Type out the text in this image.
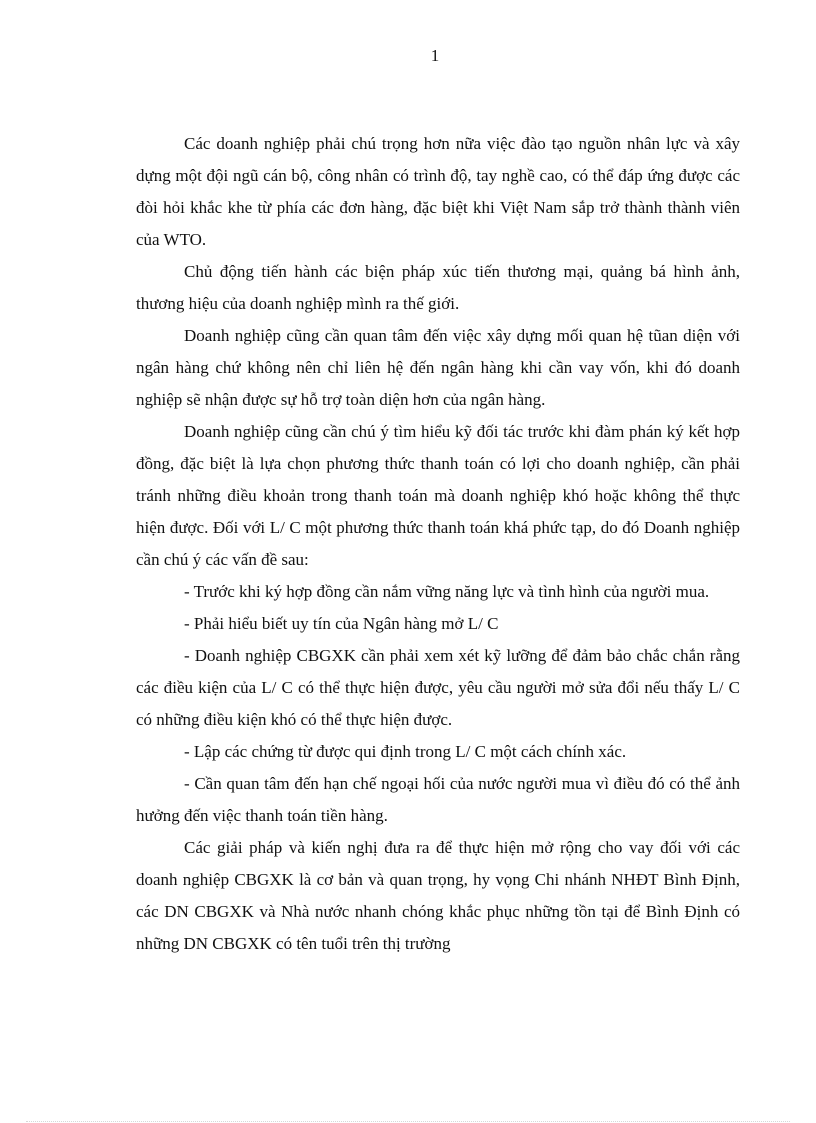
1

Các doanh nghiệp phải chú trọng hơn nữa việc đào tạo nguồn nhân lực và xây dựng một đội ngũ cán bộ, công nhân có trình độ, tay nghề cao, có thể đáp ứng được các đòi hỏi khắc khe từ phía các đơn hàng, đặc biệt khi Việt Nam sắp trở thành thành viên của WTO.

Chủ động tiến hành các biện pháp xúc tiến thương mại, quảng bá hình ảnh, thương hiệu của doanh nghiệp mình ra thế giới.

Doanh nghiệp cũng cần quan tâm đến việc xây dựng mối quan hệ tũan diện với ngân hàng chứ không nên chỉ liên hệ đến ngân hàng khi cần vay vốn, khi đó doanh nghiệp sẽ nhận được sự hỗ trợ toàn diện hơn của ngân hàng.

Doanh nghiệp cũng cần chú ý tìm hiểu kỹ đối tác trước khi đàm phán ký kết hợp đồng, đặc biệt là lựa chọn phương thức thanh toán có lợi cho doanh nghiệp, cần phải tránh những điều khoản trong thanh toán mà doanh nghiệp khó hoặc không thể thực hiện được. Đối với L/ C một phương thức thanh toán khá phức tạp, do đó Doanh nghiệp cần chú ý các vấn đề sau:

- Trước khi ký hợp đồng cần nắm vững năng lực và tình hình của người mua.

- Phải hiểu biết uy tín của Ngân hàng mở L/ C

- Doanh nghiệp CBGXK cần phải xem xét kỹ lưỡng để đảm bảo chắc chắn rằng các điều kiện của L/ C có thể thực hiện được, yêu cầu người mở sửa đổi nếu thấy L/ C có những điều kiện khó có thể thực hiện được.

- Lập các chứng từ được qui định trong L/ C một cách chính xác.

- Cần quan tâm đến hạn chế ngoại hối của nước người mua vì điều đó có thể ảnh hưởng đến việc thanh toán tiền hàng.

Các giải pháp và kiến nghị đưa ra để thực hiện mở rộng cho vay đối với các doanh nghiệp CBGXK là cơ bản và quan trọng, hy vọng Chi nhánh NHĐT Bình Định, các DN CBGXK và Nhà nước nhanh chóng khắc phục những tồn tại để Bình Định có những DN CBGXK có tên tuổi trên thị trường
